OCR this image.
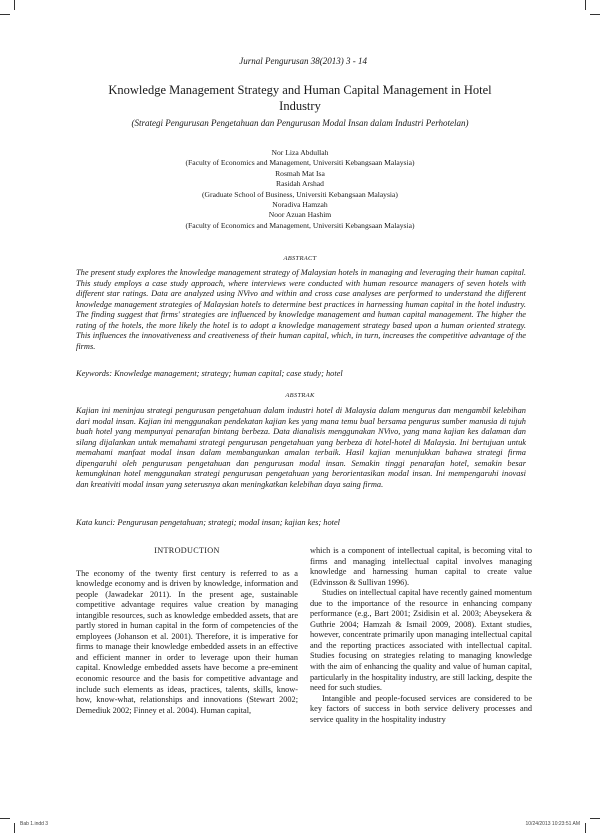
Jurnal Pengurusan 38(2013) 3 - 14
Knowledge Management Strategy and Human Capital Management in Hotel Industry
(Strategi Pengurusan Pengetahuan dan Pengurusan Modal Insan dalam Industri Perhotelan)
Nor Liza Abdullah
(Faculty of Economics and Management, Universiti Kebangsaan Malaysia)
Rosmah Mat Isa
Rasidah Arshad
(Graduate School of Business, Universiti Kebangsaan Malaysia)
Noradiva Hamzah
Noor Azuan Hashim
(Faculty of Economics and Management, Universiti Kebangsaan Malaysia)
ABSTRACT
The present study explores the knowledge management strategy of Malaysian hotels in managing and leveraging their human capital. This study employs a case study approach, where interviews were conducted with human resource managers of seven hotels with different star ratings. Data are analyzed using NVivo and within and cross case analyses are performed to understand the different knowledge management strategies of Malaysian hotels to determine best practices in harnessing human capital in the hotel industry. The finding suggest that firms' strategies are influenced by knowledge management and human capital management. The higher the rating of the hotels, the more likely the hotel is to adopt a knowledge management strategy based upon a human oriented strategy. This influences the innovativeness and creativeness of their human capital, which, in turn, increases the competitive advantage of the firms.
Keywords: Knowledge management; strategy; human capital; case study; hotel
ABSTRAK
Kajian ini meninjau strategi pengurusan pengetahuan dalam industri hotel di Malaysia dalam mengurus dan mengambil kelebihan dari modal insan. Kajian ini menggunakan pendekatan kajian kes yang mana temu bual bersama pengurus sumber manusia di tujuh buah hotel yang mempunyai penarafan bintang berbeza. Data dianalisis menggunakan NVivo, yang mana kajian kes dalaman dan silang dijalankan untuk memahami strategi pengurusan pengetahuan yang berbeza di hotel-hotel di Malaysia. Ini bertujuan untuk memahami manfaat modal insan dalam membangunkan amalan terbaik. Hasil kajian menunjukkan bahawa strategi firma dipengaruhi oleh pengurusan pengetahuan dan pengurusan modal insan. Semakin tinggi penarafan hotel, semakin besar kemungkinan hotel menggunakan strategi pengurusan pengetahuan yang berorientasikan modal insan. Ini mempengaruhi inovasi dan kreativiti modal insan yang seterusnya akan meningkatkan kelebihan daya saing firma.
Kata kunci: Pengurusan pengetahuan; strategi; modal insan; kajian kes; hotel

INTRODUCTION

The economy of the twenty first century is referred to as a knowledge economy and is driven by knowledge, information and people (Jawadekar 2011). In the present age, sustainable competitive advantage requires value creation by managing intangible resources, such as knowledge embedded assets, that are partly stored in human capital in the form of competencies of the employees (Johanson et al. 2001). Therefore, it is imperative for firms to manage their knowledge embedded assets in an effective and efficient manner in order to leverage upon their human capital. Knowledge embedded assets have become a pre-eminent economic resource and the basis for competitive advantage and include such elements as ideas, practices, talents, skills, know-how, know-what, relationships and innovations (Stewart 2002; Demediuk 2002; Finney et al. 2004). Human capital,

which is a component of intellectual capital, is becoming vital to firms and managing intellectual capital involves managing knowledge and harnessing human capital to create value (Edvinsson & Sullivan 1996).

Studies on intellectual capital have recently gained momentum due to the importance of the resource in enhancing company performance (e.g., Bart 2001; Zsidisin et al. 2003; Abeysekera & Guthrie 2004; Hamzah & Ismail 2009, 2008). Extant studies, however, concentrate primarily upon managing intellectual capital and the reporting practices associated with intellectual capital. Studies focusing on strategies relating to managing knowledge with the aim of enhancing the quality and value of human capital, particularly in the hospitality industry, are still lacking, despite the need for such studies.

Intangible and people-focused services are considered to be key factors of success in both service delivery processes and service quality in the hospitality industry

Bab 1.indd 3	10/24/2013 10:23:51 AM
